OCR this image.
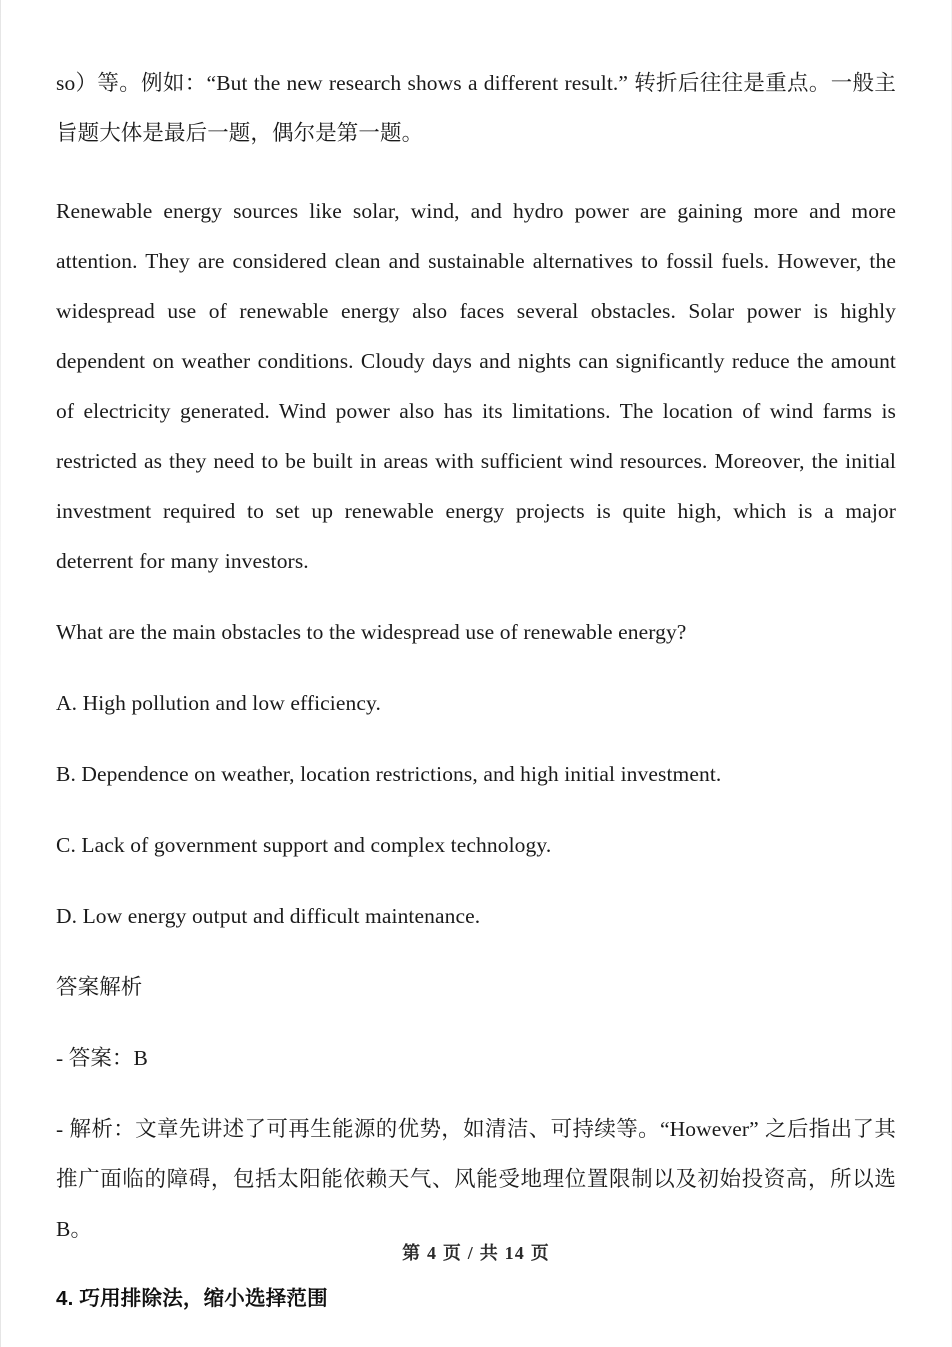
so）等。例如：“But the new research shows a different result.” 转折后往往是重点。一般主旨题大体是最后一题，偶尔是第一题。

Renewable energy sources like solar, wind, and hydro power are gaining more and more attention. They are considered clean and sustainable alternatives to fossil fuels. However, the widespread use of renewable energy also faces several obstacles. Solar power is highly dependent on weather conditions. Cloudy days and nights can significantly reduce the amount of electricity generated. Wind power also has its limitations. The location of wind farms is restricted as they need to be built in areas with sufficient wind resources. Moreover, the initial investment required to set up renewable energy projects is quite high, which is a major deterrent for many investors.

What are the main obstacles to the widespread use of renewable energy?

A. High pollution and low efficiency.

B. Dependence on weather, location restrictions, and high initial investment.

C. Lack of government support and complex technology.

D. Low energy output and difficult maintenance.

答案解析

- 答案：B

- 解析：文章先讲述了可再生能源的优势，如清洁、可持续等。“However” 之后指出了其推广面临的障碍，包括太阳能依赖天气、风能受地理位置限制以及初始投资高，所以选 B。

4. 巧用排除法，缩小选择范围
第 4 页 / 共 14 页
